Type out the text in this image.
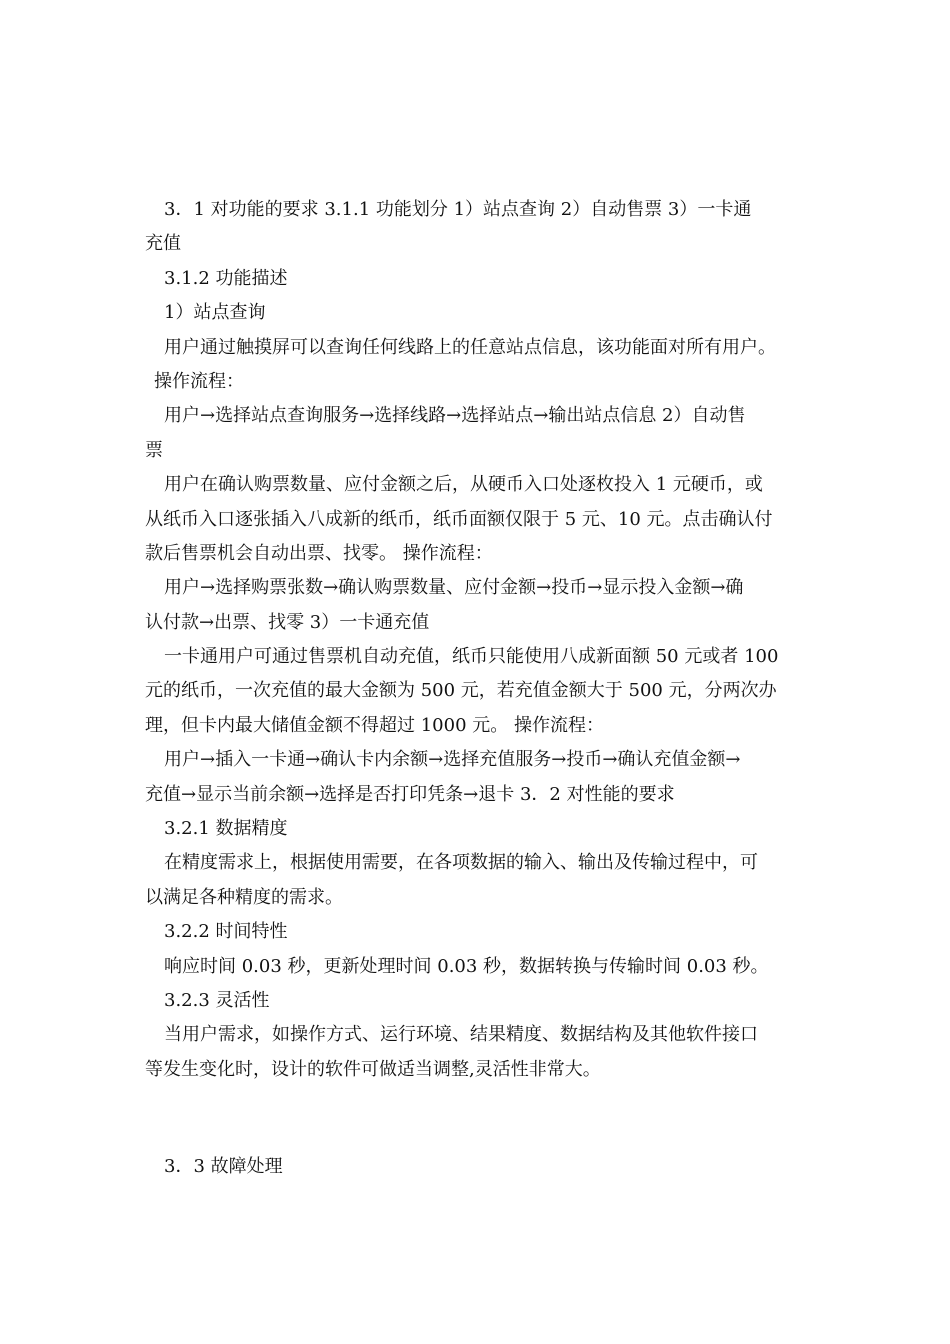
3．1 对功能的要求 3.1.1 功能划分 1）站点查询 2）自动售票 3）一卡通
充值
3.1.2 功能描述
1）站点查询
用户通过触摸屏可以查询任何线路上的任意站点信息，该功能面对所有用户。
操作流程：
用户→选择站点查询服务→选择线路→选择站点→输出站点信息 2）自动售
票
用户在确认购票数量、应付金额之后，从硬币入口处逐枚投入 1 元硬币，或
从纸币入口逐张插入八成新的纸币，纸币面额仅限于 5 元、10 元。点击确认付
款后售票机会自动出票、找零。 操作流程：
用户→选择购票张数→确认购票数量、应付金额→投币→显示投入金额→确
认付款→出票、找零 3）一卡通充值
一卡通用户可通过售票机自动充值，纸币只能使用八成新面额 50 元或者 100
元的纸币，一次充值的最大金额为 500 元，若充值金额大于 500 元，分两次办
理，但卡内最大储值金额不得超过 1000 元。 操作流程：
用户→插入一卡通→确认卡内余额→选择充值服务→投币→确认充值金额→
充值→显示当前余额→选择是否打印凭条→退卡 3．2 对性能的要求
3.2.1 数据精度
在精度需求上，根据使用需要，在各项数据的输入、输出及传输过程中，可
以满足各种精度的需求。
3.2.2 时间特性
响应时间 0.03 秒，更新处理时间 0.03 秒，数据转换与传输时间 0.03 秒。
3.2.3 灵活性
当用户需求，如操作方式、运行环境、结果精度、数据结构及其他软件接口
等发生变化时，设计的软件可做适当调整,灵活性非常大。
3．3 故障处理
